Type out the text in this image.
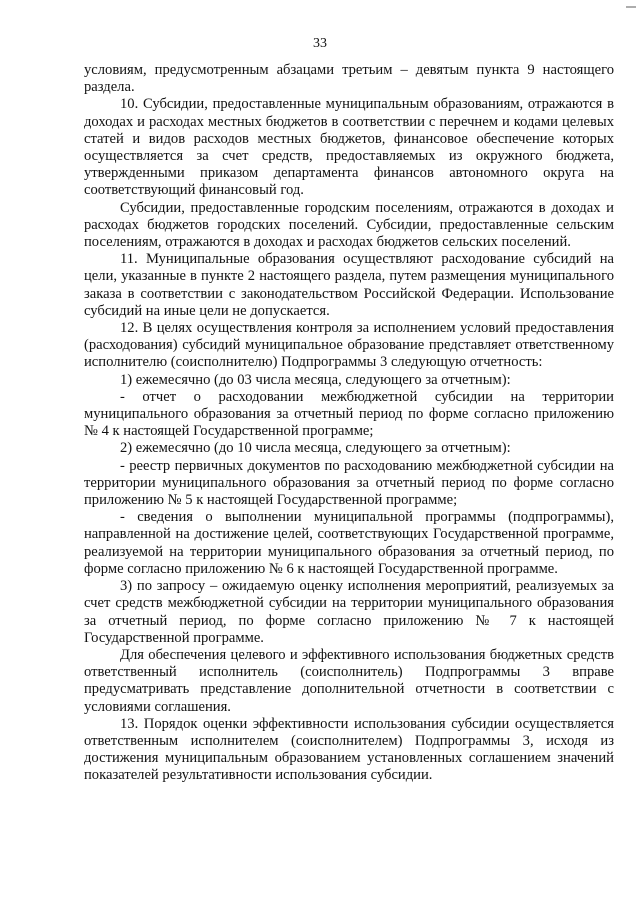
33

условиям, предусмотренным абзацами третьим – девятым пункта 9 настоящего раздела.

10. Субсидии, предоставленные муниципальным образованиям, отражаются в доходах и расходах местных бюджетов в соответствии с перечнем и кодами целевых статей и видов расходов местных бюджетов, финансовое обеспечение которых осуществляется за счет средств, предоставляемых из окружного бюджета, утвержденными приказом департамента финансов автономного округа на соответствующий финансовый год.

Субсидии, предоставленные городским поселениям, отражаются в доходах и расходах бюджетов городских поселений. Субсидии, предоставленные сельским поселениям, отражаются в доходах и расходах бюджетов сельских поселений.

11. Муниципальные образования осуществляют расходование субсидий на цели, указанные в пункте 2 настоящего раздела, путем размещения муниципального заказа в соответствии с законодательством Российской Федерации. Использование субсидий на иные цели не допускается.

12. В целях осуществления контроля за исполнением условий предоставления (расходования) субсидий муниципальное образование представляет ответственному исполнителю (соисполнителю) Подпрограммы 3 следующую отчетность:

1) ежемесячно (до 03 числа месяца, следующего за отчетным):

- отчет о расходовании межбюджетной субсидии на территории муниципального образования за отчетный период по форме согласно приложению № 4 к настоящей Государственной программе;

2) ежемесячно (до 10 числа месяца, следующего за отчетным):

- реестр первичных документов по расходованию межбюджетной субсидии на территории муниципального образования за отчетный период по форме согласно приложению № 5 к настоящей Государственной программе;

- сведения о выполнении муниципальной программы (подпрограммы), направленной на достижение целей, соответствующих Государственной программе, реализуемой на территории муниципального образования за отчетный период, по форме согласно приложению № 6 к настоящей Государственной программе.

3) по запросу – ожидаемую оценку исполнения мероприятий, реализуемых за счет средств межбюджетной субсидии на территории муниципального образования за отчетный период, по форме согласно приложению № 7 к настоящей Государственной программе.

Для обеспечения целевого и эффективного использования бюджетных средств ответственный исполнитель (соисполнитель) Подпрограммы 3 вправе предусматривать представление дополнительной отчетности в соответствии с условиями соглашения.

13. Порядок оценки эффективности использования субсидии осуществляется ответственным исполнителем (соисполнителем) Подпрограммы 3, исходя из достижения муниципальным образованием установленных соглашением значений показателей результативности использования субсидии.
